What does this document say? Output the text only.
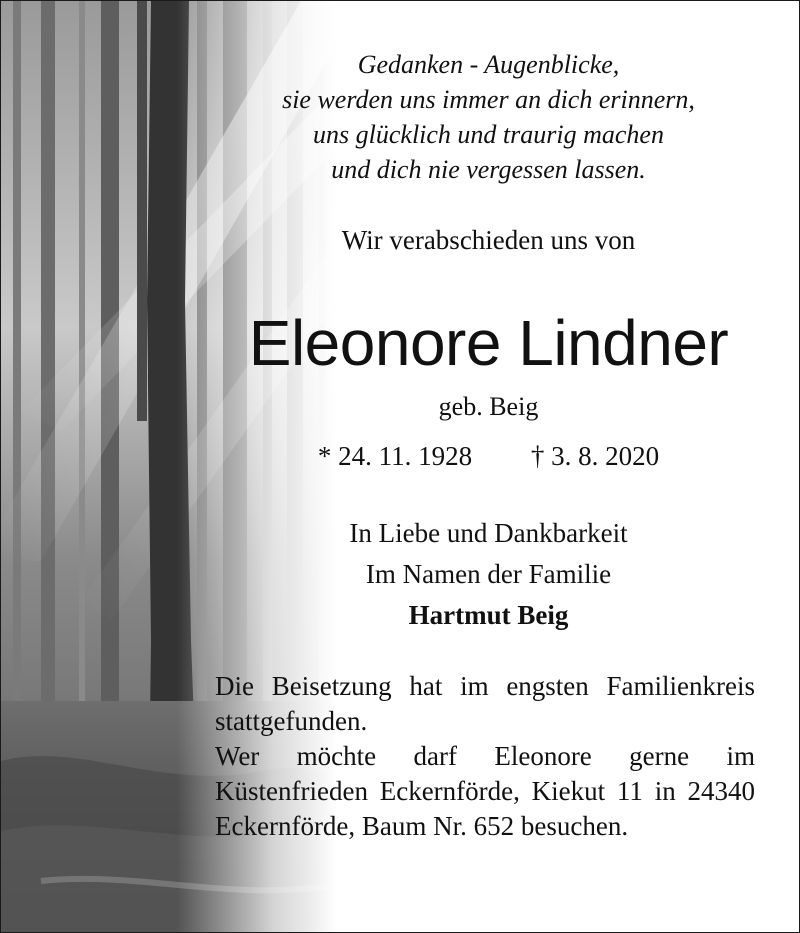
Gedanken - Augenblicke,
sie werden uns immer an dich erinnern,
uns glücklich und traurig machen
und dich nie vergessen lassen.
Wir verabschieden uns von
Eleonore Lindner
geb. Beig
* 24. 11. 1928 † 3. 8. 2020
In Liebe und Dankbarkeit
Im Namen der Familie
Hartmut Beig

Die Beisetzung hat im engsten Familienkreis stattgefunden.

Wer möchte darf Eleonore gerne im Küstenfrieden Eckernförde, Kiekut 11 in 24340 Eckernförde, Baum Nr. 652 besuchen.
